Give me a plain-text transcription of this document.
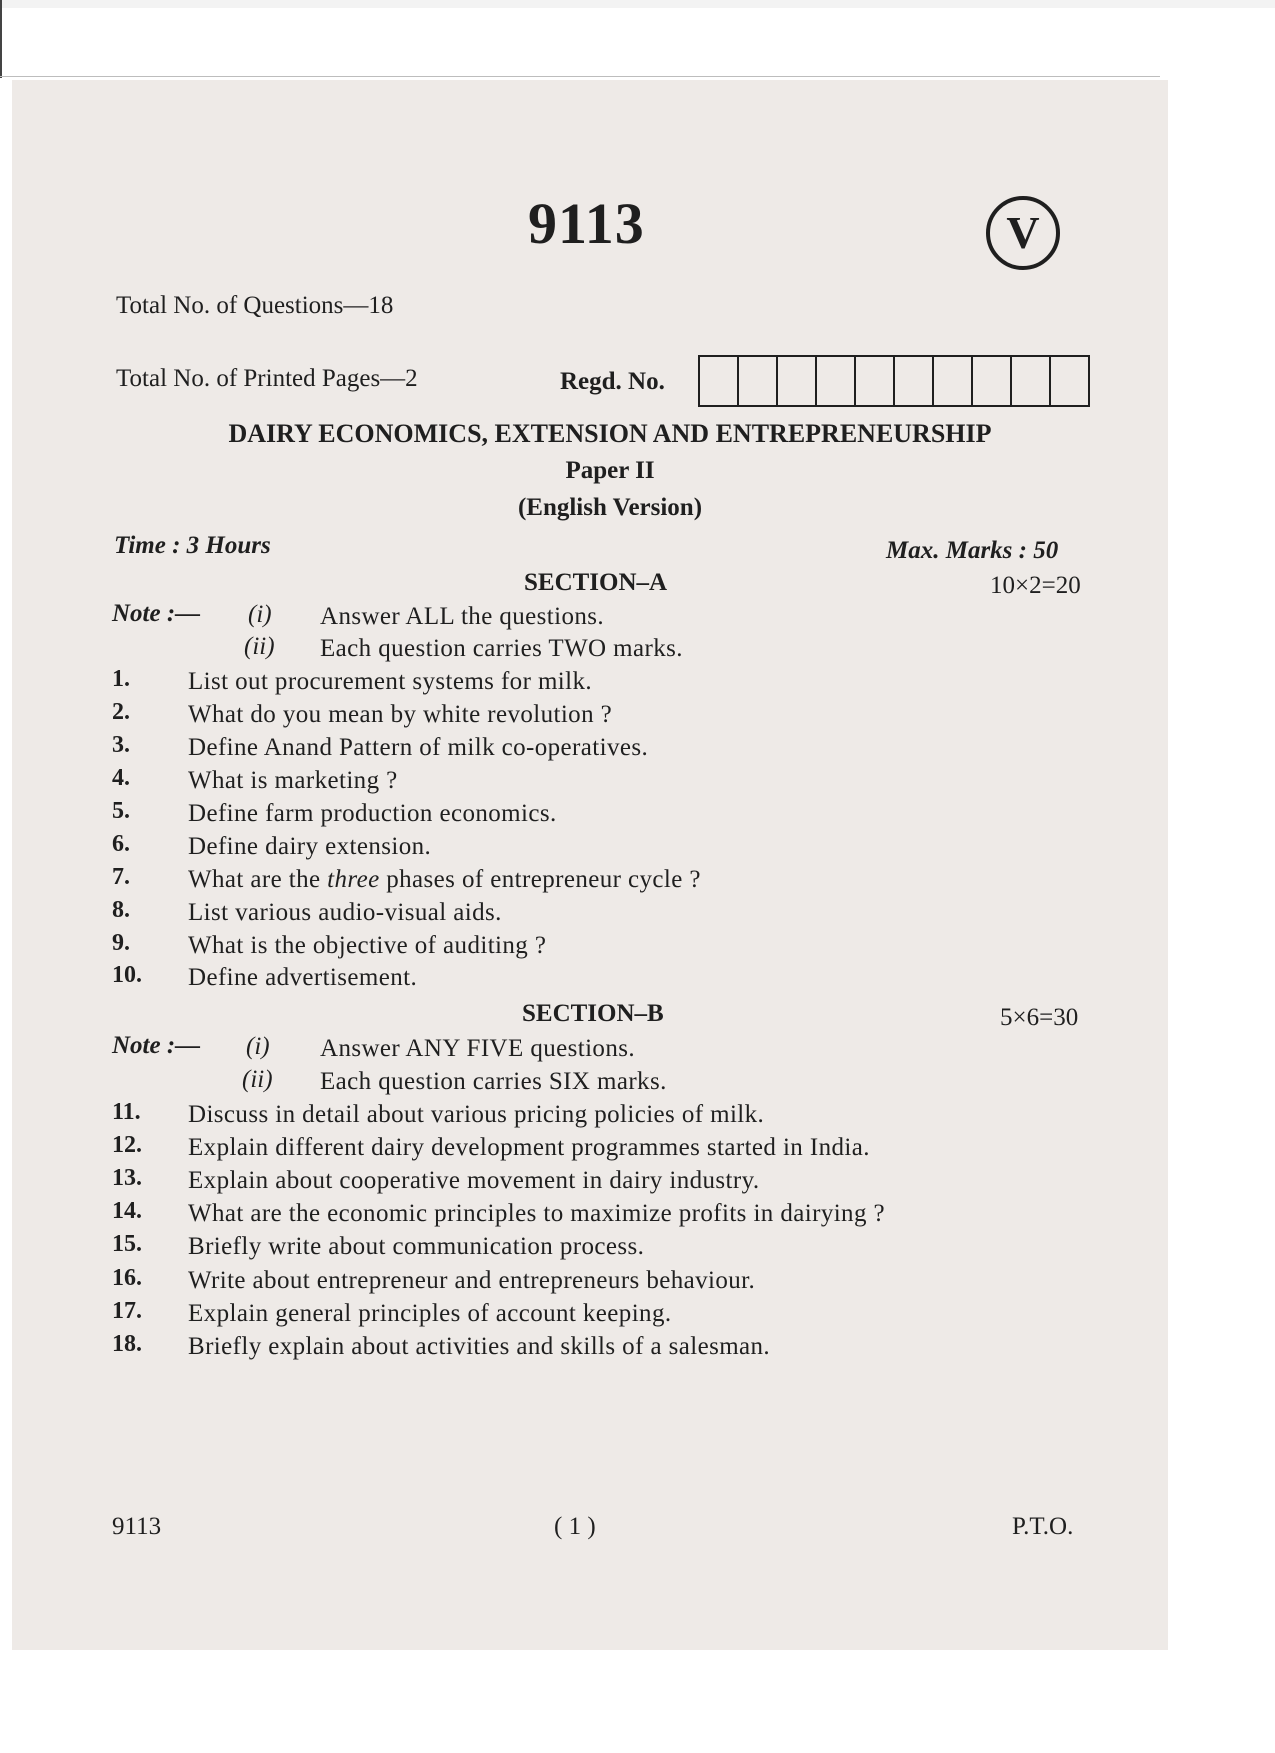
9113	V
Total No. of Questions—18
Total No. of Printed Pages—2	Regd. No.
DAIRY ECONOMICS, EXTENSION AND ENTREPRENEURSHIP
Paper II
(English Version)
Time : 3 Hours	Max. Marks : 50
SECTION–A	10×2=20
Note :— (i) Answer ALL the questions.
(ii) Each question carries TWO marks.
1.	List out procurement systems for milk.
2.	What do you mean by white revolution ?
3.	Define Anand Pattern of milk co-operatives.
4.	What is marketing ?
5.	Define farm production economics.
6.	Define dairy extension.
7.	What are the three phases of entrepreneur cycle ?
8.	List various audio-visual aids.
9.	What is the objective of auditing ?
10.	Define advertisement.
SECTION–B	5×6=30
Note :— (i) Answer ANY FIVE questions.
(ii) Each question carries SIX marks.
11.	Discuss in detail about various pricing policies of milk.
12.	Explain different dairy development programmes started in India.
13.	Explain about cooperative movement in dairy industry.
14.	What are the economic principles to maximize profits in dairying ?
15.	Briefly write about communication process.
16.	Write about entrepreneur and entrepreneurs behaviour.
17.	Explain general principles of account keeping.
18.	Briefly explain about activities and skills of a salesman.
9113	( 1 )	P.T.O.
